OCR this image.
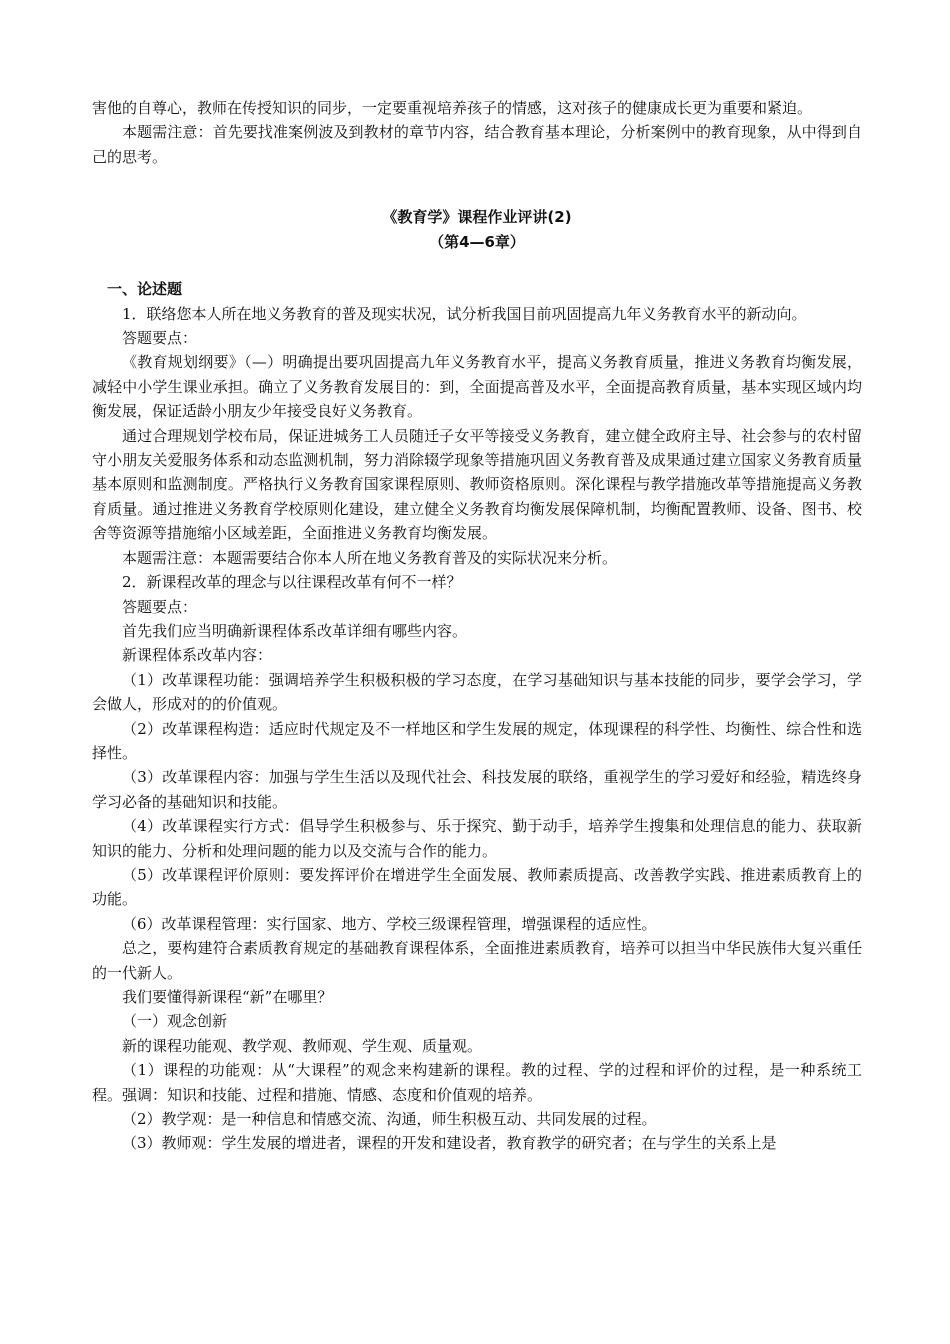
害他的自尊心，教师在传授知识的同步，一定要重视培养孩子的情感，这对孩子的健康成长更为重要和紧迫。

本题需注意：首先要找准案例波及到教材的章节内容，结合教育基本理论，分析案例中的教育现象，从中得到自己的思考。

《教育学》课程作业评讲(2)

（第4—6章）

一、论述题

1．联络您本人所在地义务教育的普及现实状况，试分析我国目前巩固提高九年义务教育水平的新动向。

答题要点：

《教育规划纲要》（—）明确提出要巩固提高九年义务教育水平，提高义务教育质量，推进义务教育均衡发展，减轻中小学生课业承担。确立了义务教育发展目的：到，全面提高普及水平，全面提高教育质量，基本实现区域内均衡发展，保证适龄小朋友少年接受良好义务教育。

通过合理规划学校布局，保证进城务工人员随迁子女平等接受义务教育，建立健全政府主导、社会参与的农村留守小朋友关爱服务体系和动态监测机制，努力消除辍学现象等措施巩固义务教育普及成果通过建立国家义务教育质量基本原则和监测制度。严格执行义务教育国家课程原则、教师资格原则。深化课程与教学措施改革等措施提高义务教育质量。通过推进义务教育学校原则化建设，建立健全义务教育均衡发展保障机制，均衡配置教师、设备、图书、校舍等资源等措施缩小区域差距，全面推进义务教育均衡发展。

本题需注意：本题需要结合你本人所在地义务教育普及的实际状况来分析。

2．新课程改革的理念与以往课程改革有何不一样？

答题要点：

首先我们应当明确新课程体系改革详细有哪些内容。

新课程体系改革内容：

（1）改革课程功能：强调培养学生积极积极的学习态度，在学习基础知识与基本技能的同步，要学会学习，学会做人，形成对的的价值观。

（2）改革课程构造：适应时代规定及不一样地区和学生发展的规定，体现课程的科学性、均衡性、综合性和选择性。

（3）改革课程内容：加强与学生生活以及现代社会、科技发展的联络，重视学生的学习爱好和经验，精选终身学习必备的基础知识和技能。

（4）改革课程实行方式：倡导学生积极参与、乐于探究、勤于动手，培养学生搜集和处理信息的能力、获取新知识的能力、分析和处理问题的能力以及交流与合作的能力。

（5）改革课程评价原则：要发挥评价在增进学生全面发展、教师素质提高、改善教学实践、推进素质教育上的功能。

（6）改革课程管理：实行国家、地方、学校三级课程管理，增强课程的适应性。

总之，要构建符合素质教育规定的基础教育课程体系，全面推进素质教育，培养可以担当中华民族伟大复兴重任的一代新人。

我们要懂得新课程“新”在哪里？

（一）观念创新

新的课程功能观、教学观、教师观、学生观、质量观。

（1）课程的功能观：从“大课程”的观念来构建新的课程。教的过程、学的过程和评价的过程，是一种系统工程。强调：知识和技能、过程和措施、情感、态度和价值观的培养。

（2）教学观：是一种信息和情感交流、沟通，师生积极互动、共同发展的过程。

（3）教师观：学生发展的增进者，课程的开发和建设者，教育教学的研究者；在与学生的关系上是
